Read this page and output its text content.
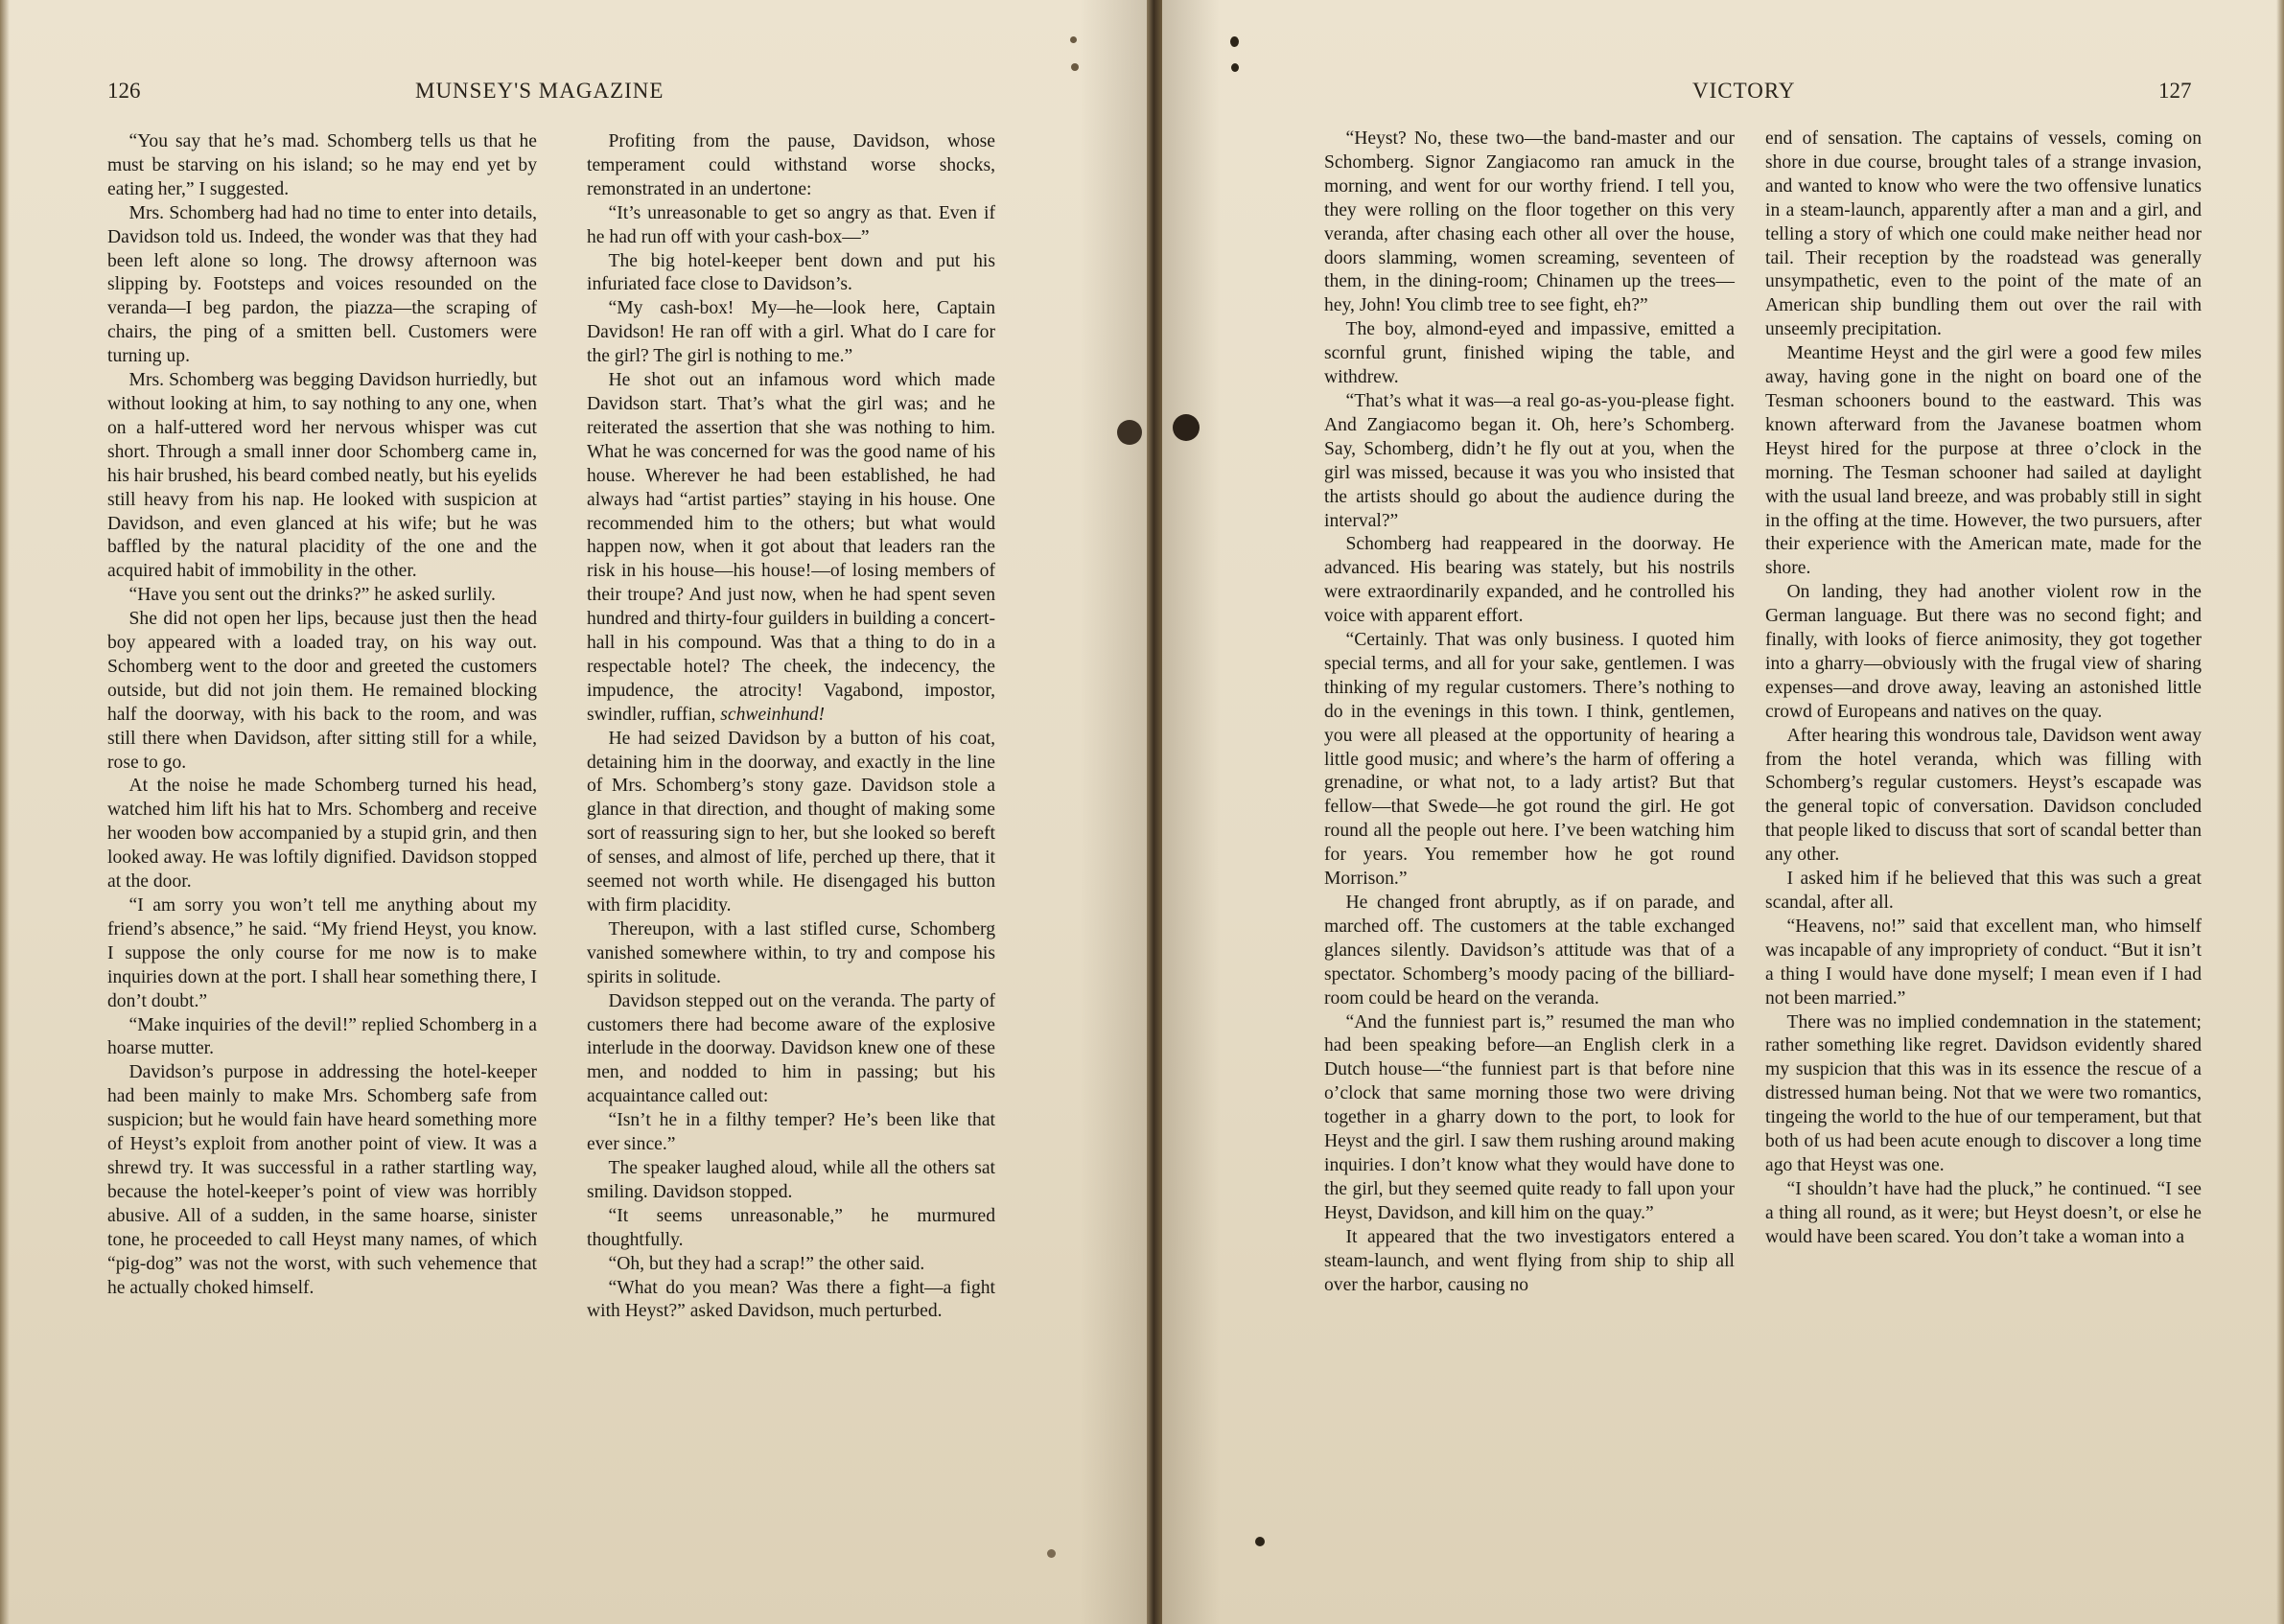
126	MUNSEY'S MAGAZINE

“You say that he’s mad. Schomberg tells us that he must be starving on his island; so he may end yet by eating her,” I suggested.

Mrs. Schomberg had had no time to enter into details, Davidson told us. Indeed, the wonder was that they had been left alone so long. The drowsy afternoon was slipping by. Footsteps and voices resounded on the veranda—I beg pardon, the piazza—the scraping of chairs, the ping of a smitten bell. Customers were turning up.

Mrs. Schomberg was begging Davidson hurriedly, but without looking at him, to say nothing to any one, when on a half-uttered word her nervous whisper was cut short. Through a small inner door Schomberg came in, his hair brushed, his beard combed neatly, but his eyelids still heavy from his nap. He looked with suspicion at Davidson, and even glanced at his wife; but he was baffled by the natural placidity of the one and the acquired habit of immobility in the other.

“Have you sent out the drinks?” he asked surlily.

She did not open her lips, because just then the head boy appeared with a loaded tray, on his way out. Schomberg went to the door and greeted the customers outside, but did not join them. He remained blocking half the doorway, with his back to the room, and was still there when Davidson, after sitting still for a while, rose to go.

At the noise he made Schomberg turned his head, watched him lift his hat to Mrs. Schomberg and receive her wooden bow accompanied by a stupid grin, and then looked away. He was loftily dignified. Davidson stopped at the door.

“I am sorry you won’t tell me anything about my friend’s absence,” he said. “My friend Heyst, you know. I suppose the only course for me now is to make inquiries down at the port. I shall hear something there, I don’t doubt.”

“Make inquiries of the devil!” replied Schomberg in a hoarse mutter.

Davidson’s purpose in addressing the hotel-keeper had been mainly to make Mrs. Schomberg safe from suspicion; but he would fain have heard something more of Heyst’s exploit from another point of view. It was a shrewd try. It was successful in a rather startling way, because the hotel-keeper’s point of view was horribly abusive. All of a sudden, in the same hoarse, sinister tone, he proceeded to call Heyst many names, of which “pig-dog” was not the worst, with such vehemence that he actually choked himself.

Profiting from the pause, Davidson, whose temperament could withstand worse shocks, remonstrated in an undertone:

“It’s unreasonable to get so angry as that. Even if he had run off with your cash-box—”

The big hotel-keeper bent down and put his infuriated face close to Davidson’s.

“My cash-box! My—he—look here, Captain Davidson! He ran off with a girl. What do I care for the girl? The girl is nothing to me.”

He shot out an infamous word which made Davidson start. That’s what the girl was; and he reiterated the assertion that she was nothing to him. What he was concerned for was the good name of his house. Wherever he had been established, he had always had “artist parties” staying in his house. One recommended him to the others; but what would happen now, when it got about that leaders ran the risk in his house—his house!—of losing members of their troupe? And just now, when he had spent seven hundred and thirty-four guilders in building a concert-hall in his compound. Was that a thing to do in a respectable hotel? The cheek, the indecency, the impudence, the atrocity! Vagabond, impostor, swindler, ruffian, schweinhund!

He had seized Davidson by a button of his coat, detaining him in the doorway, and exactly in the line of Mrs. Schomberg’s stony gaze. Davidson stole a glance in that direction, and thought of making some sort of reassuring sign to her, but she looked so bereft of senses, and almost of life, perched up there, that it seemed not worth while. He disengaged his button with firm placidity.

Thereupon, with a last stifled curse, Schomberg vanished somewhere within, to try and compose his spirits in solitude.

Davidson stepped out on the veranda. The party of customers there had become aware of the explosive interlude in the doorway. Davidson knew one of these men, and nodded to him in passing; but his acquaintance called out:

“Isn’t he in a filthy temper? He’s been like that ever since.”

The speaker laughed aloud, while all the others sat smiling. Davidson stopped.

“It seems unreasonable,” he murmured thoughtfully.

“Oh, but they had a scrap!” the other said.

“What do you mean? Was there a fight—a fight with Heyst?” asked Davidson, much perturbed.

VICTORY	127

“Heyst? No, these two—the band-master and our Schomberg. Signor Zangiacomo ran amuck in the morning, and went for our worthy friend. I tell you, they were rolling on the floor together on this very veranda, after chasing each other all over the house, doors slamming, women screaming, seventeen of them, in the dining-room; Chinamen up the trees—hey, John! You climb tree to see fight, eh?”

The boy, almond-eyed and impassive, emitted a scornful grunt, finished wiping the table, and withdrew.

“That’s what it was—a real go-as-you-please fight. And Zangiacomo began it. Oh, here’s Schomberg. Say, Schomberg, didn’t he fly out at you, when the girl was missed, because it was you who insisted that the artists should go about the audience during the interval?”

Schomberg had reappeared in the doorway. He advanced. His bearing was stately, but his nostrils were extraordinarily expanded, and he controlled his voice with apparent effort.

“Certainly. That was only business. I quoted him special terms, and all for your sake, gentlemen. I was thinking of my regular customers. There’s nothing to do in the evenings in this town. I think, gentlemen, you were all pleased at the opportunity of hearing a little good music; and where’s the harm of offering a grenadine, or what not, to a lady artist? But that fellow—that Swede—he got round the girl. He got round all the people out here. I’ve been watching him for years. You remember how he got round Morrison.”

He changed front abruptly, as if on parade, and marched off. The customers at the table exchanged glances silently. Davidson’s attitude was that of a spectator. Schomberg’s moody pacing of the billiard-room could be heard on the veranda.

“And the funniest part is,” resumed the man who had been speaking before—an English clerk in a Dutch house—“the funniest part is that before nine o’clock that same morning those two were driving together in a gharry down to the port, to look for Heyst and the girl. I saw them rushing around making inquiries. I don’t know what they would have done to the girl, but they seemed quite ready to fall upon your Heyst, Davidson, and kill him on the quay.”

It appeared that the two investigators entered a steam-launch, and went flying from ship to ship all over the harbor, causing no

end of sensation. The captains of vessels, coming on shore in due course, brought tales of a strange invasion, and wanted to know who were the two offensive lunatics in a steam-launch, apparently after a man and a girl, and telling a story of which one could make neither head nor tail. Their reception by the roadstead was generally unsympathetic, even to the point of the mate of an American ship bundling them out over the rail with unseemly precipitation.

Meantime Heyst and the girl were a good few miles away, having gone in the night on board one of the Tesman schooners bound to the eastward. This was known afterward from the Javanese boatmen whom Heyst hired for the purpose at three o’clock in the morning. The Tesman schooner had sailed at daylight with the usual land breeze, and was probably still in sight in the offing at the time. However, the two pursuers, after their experience with the American mate, made for the shore.

On landing, they had another violent row in the German language. But there was no second fight; and finally, with looks of fierce animosity, they got together into a gharry—obviously with the frugal view of sharing expenses—and drove away, leaving an astonished little crowd of Europeans and natives on the quay.

After hearing this wondrous tale, Davidson went away from the hotel veranda, which was filling with Schomberg’s regular customers. Heyst’s escapade was the general topic of conversation. Davidson concluded that people liked to discuss that sort of scandal better than any other.

I asked him if he believed that this was such a great scandal, after all.

“Heavens, no!” said that excellent man, who himself was incapable of any impropriety of conduct. “But it isn’t a thing I would have done myself; I mean even if I had not been married.”

There was no implied condemnation in the statement; rather something like regret. Davidson evidently shared my suspicion that this was in its essence the rescue of a distressed human being. Not that we were two romantics, tingeing the world to the hue of our temperament, but that both of us had been acute enough to discover a long time ago that Heyst was one.

“I shouldn’t have had the pluck,” he continued. “I see a thing all round, as it were; but Heyst doesn’t, or else he would have been scared. You don’t take a woman into a
